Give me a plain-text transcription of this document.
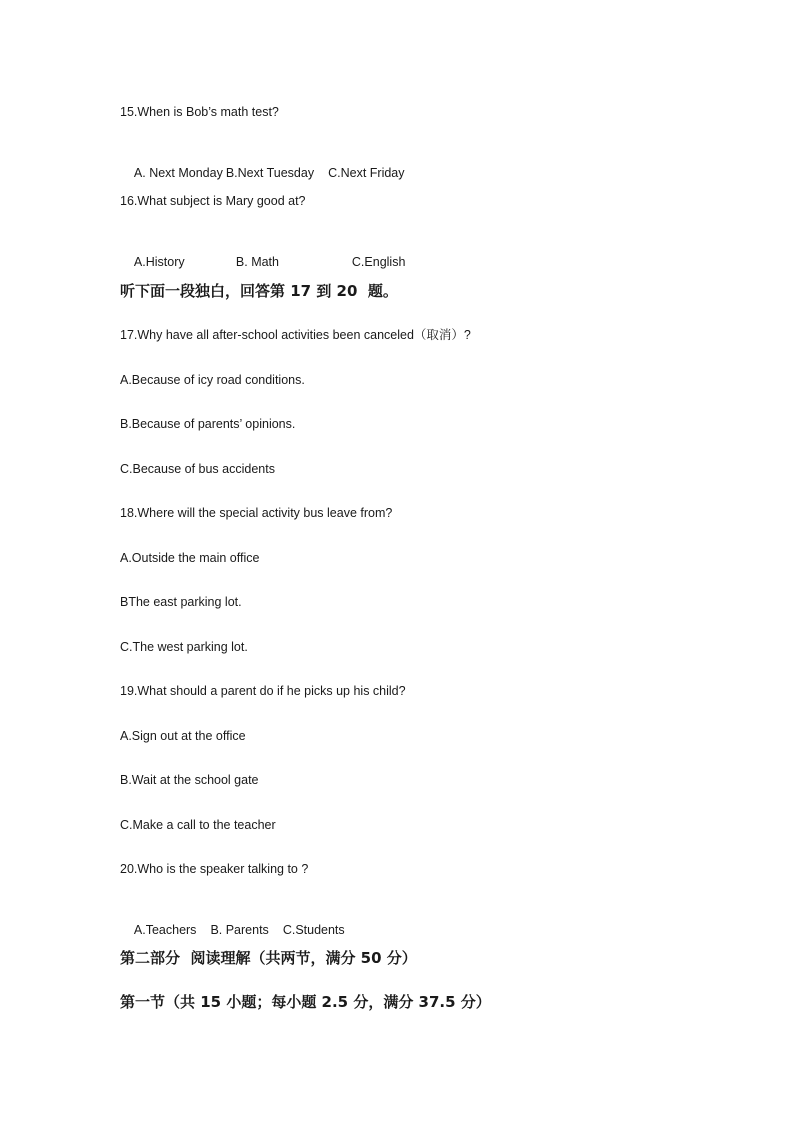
15.When is Bob’s math test?

A. Next Monday B.Next Tuesday C.Next Friday

16.What subject is Mary good at?

A.History	B. Math	C.English

听下面一段独白，回答第 17 到 20  题。
17.Why have all after-school activities been canceled（取消）?
A.Because of icy road conditions.
B.Because of parents’ opinions.
C.Because of bus accidents
18.Where will the special activity bus leave from?
A.Outside the main office
BThe east parking lot.
C.The west parking lot.
19.What should a parent do if he picks up his child?
A.Sign out at the office
B.Wait at the school gate
C.Make a call to the teacher
20.Who is the speaker talking to ?

A.Teachers B. Parents C.Students

第二部分  阅读理解（共两节，满分 50 分）
第一节（共 15 小题；每小题 2.5 分，满分 37.5 分）
